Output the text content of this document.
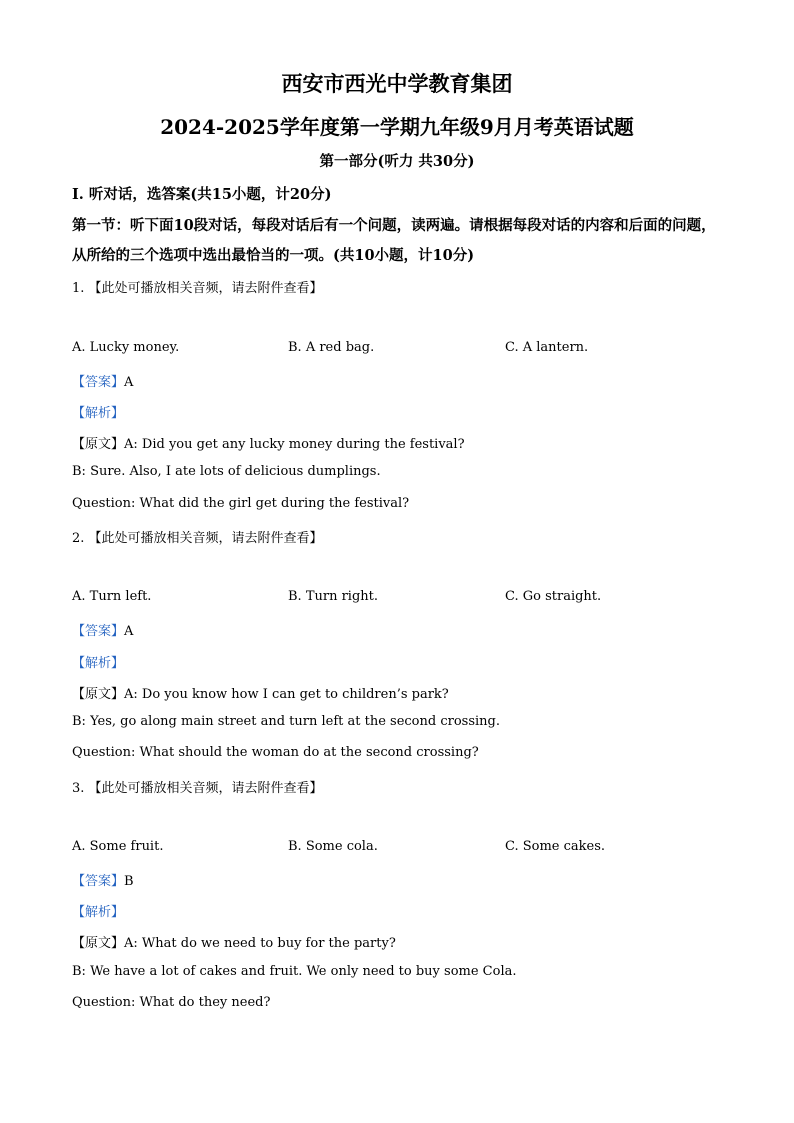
西安市西光中学教育集团
2024-2025学年度第一学期九年级9月月考英语试题
第一部分(听力 共30分)
I. 听对话，选答案(共15小题，计20分)
第一节：听下面10段对话，每段对话后有一个问题，读两遍。请根据每段对话的内容和后面的问题，从所给的三个选项中选出最恰当的一项。(共10小题，计10分)
1. 【此处可播放相关音频，请去附件查看】
A. Lucky money.	B. A red bag.	C. A lantern.
【答案】A
【解析】
【原文】A: Did you get any lucky money during the festival?
B: Sure. Also, I ate lots of delicious dumplings.
Question: What did the girl get during the festival?
2. 【此处可播放相关音频，请去附件查看】
A. Turn left.	B. Turn right.	C. Go straight.
【答案】A
【解析】
【原文】A: Do you know how I can get to children’s park?
B: Yes, go along main street and turn left at the second crossing.
Question: What should the woman do at the second crossing?
3. 【此处可播放相关音频，请去附件查看】
A. Some fruit.	B. Some cola.	C. Some cakes.
【答案】B
【解析】
【原文】A: What do we need to buy for the party?
B: We have a lot of cakes and fruit. We only need to buy some Cola.
Question: What do they need?
